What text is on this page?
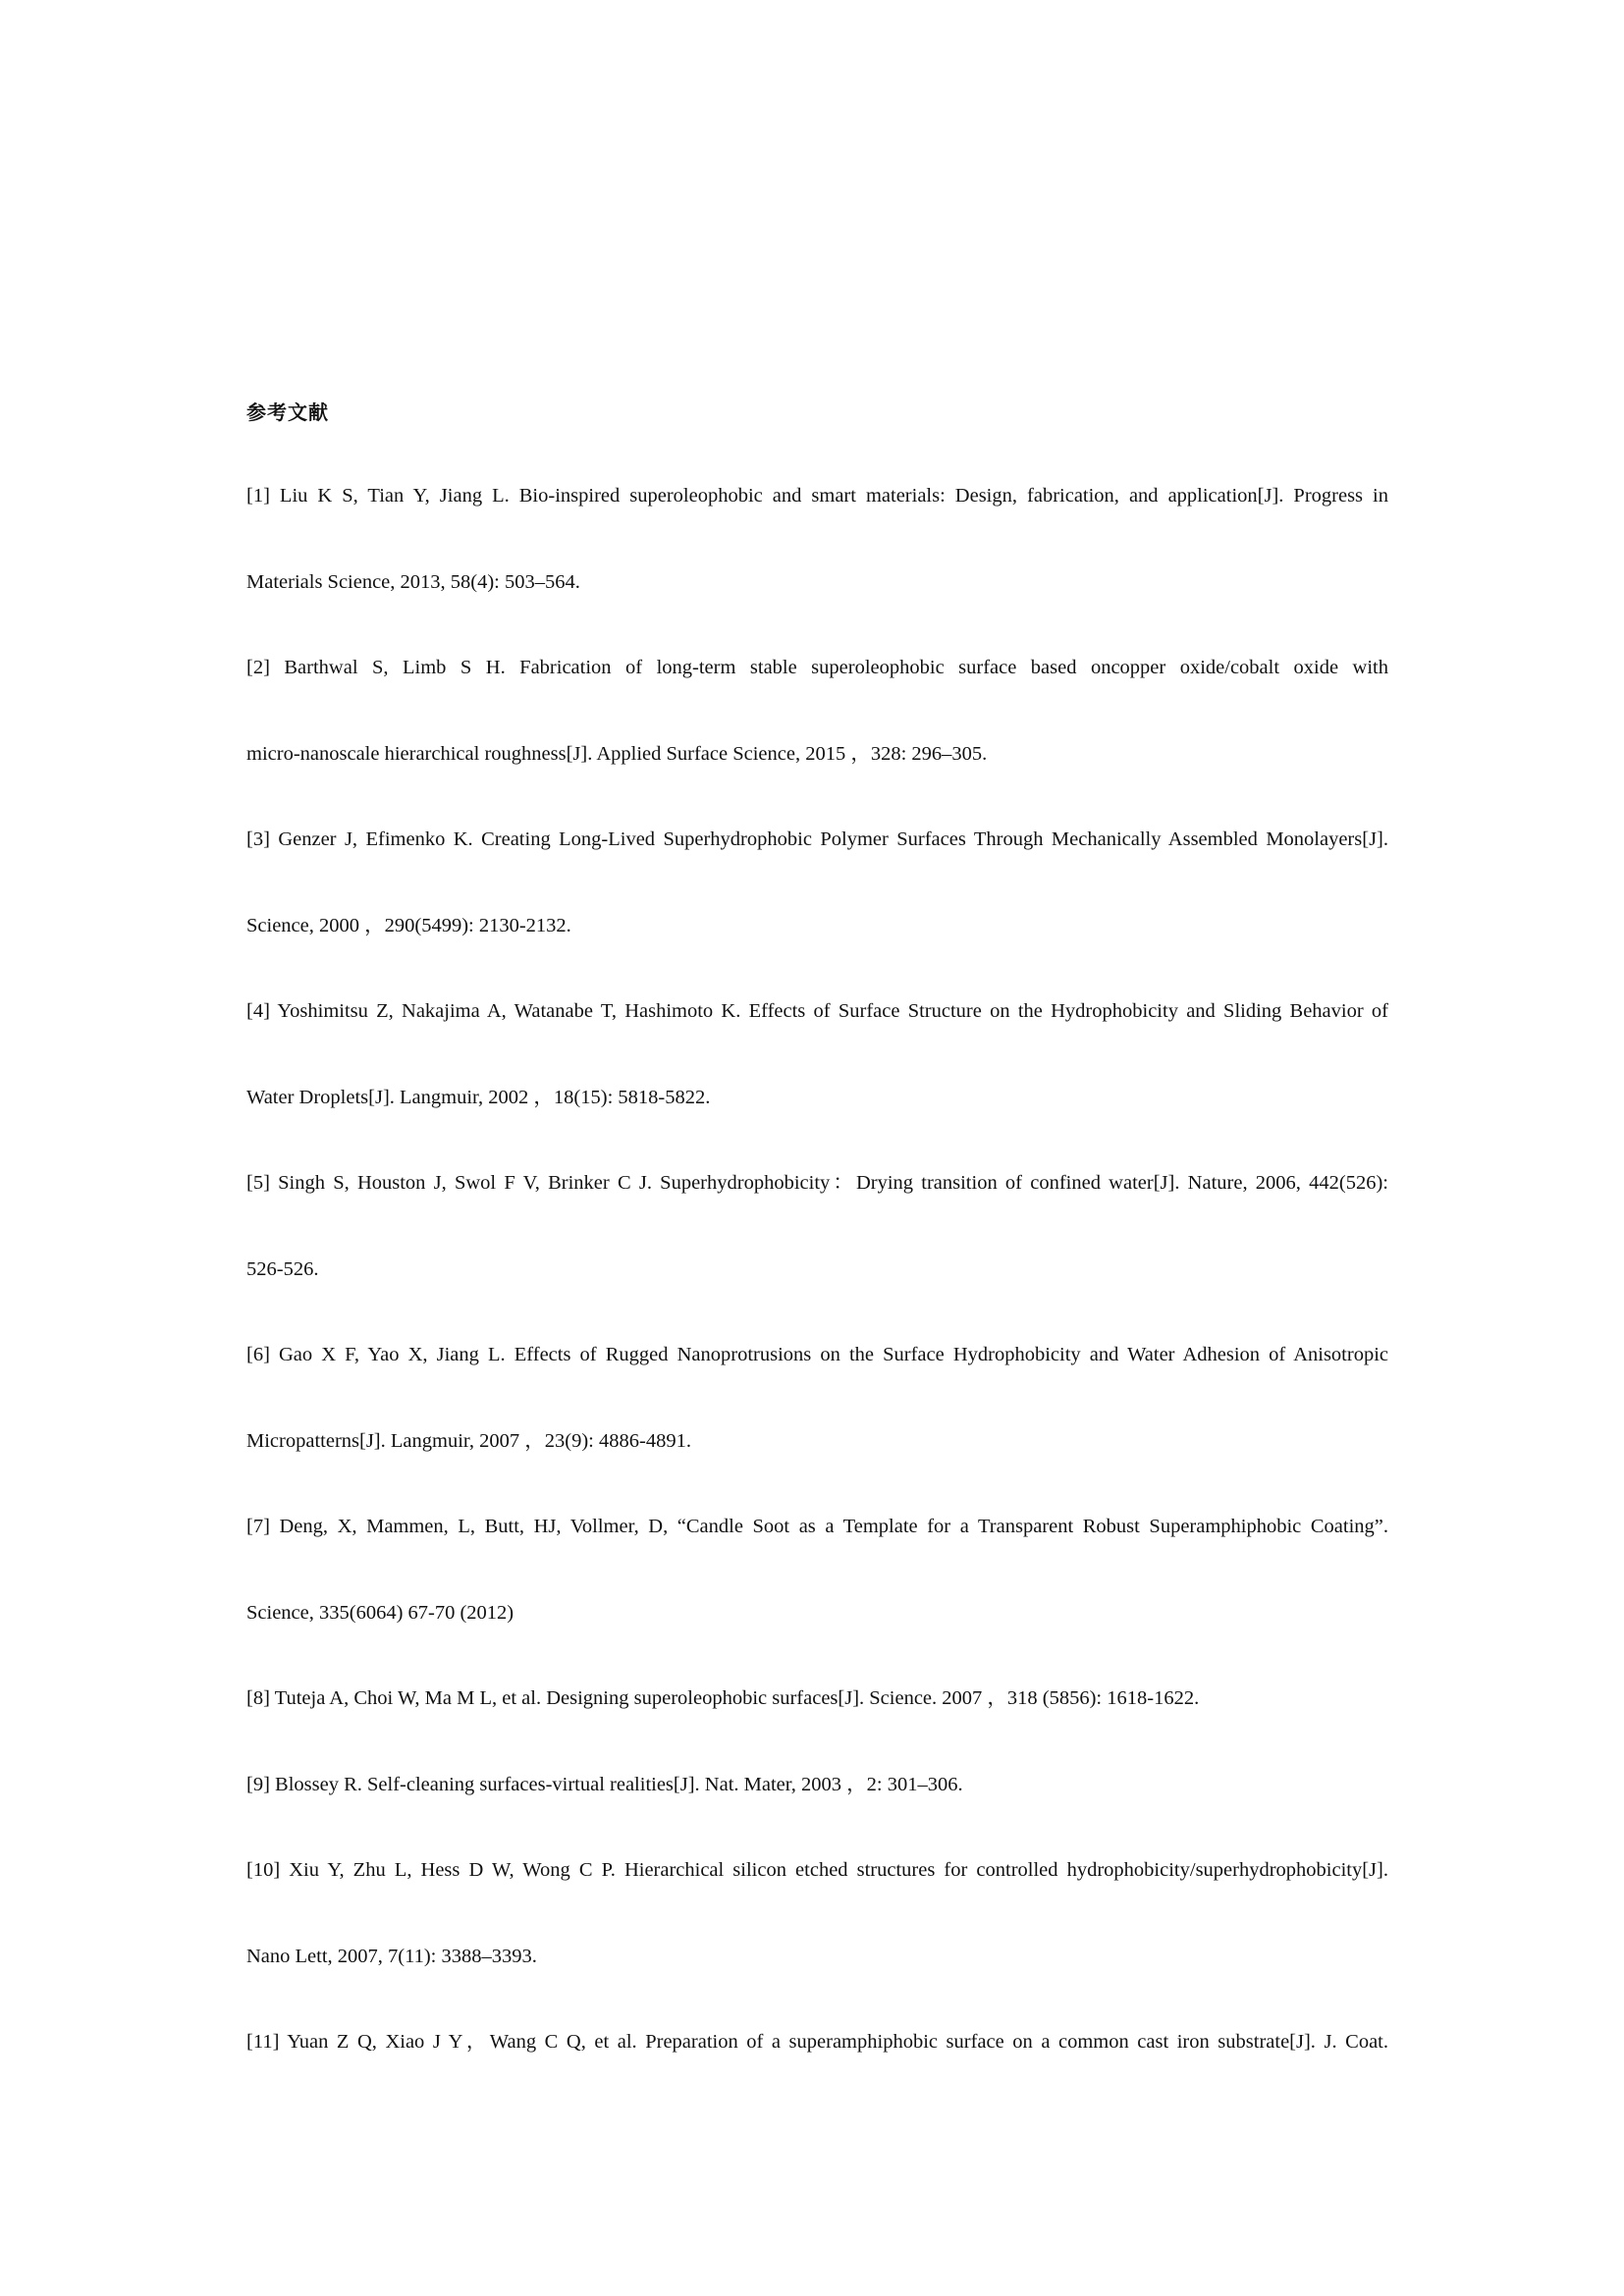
参考文献
[1] Liu K S, Tian Y, Jiang L. Bio-inspired superoleophobic and smart materials: Design, fabrication, and application[J]. Progress in
Materials Science, 2013, 58(4): 503–564.
[2] Barthwal S, Limb S H. Fabrication of long-term stable superoleophobic surface based oncopper oxide/cobalt oxide with
micro-nanoscale hierarchical roughness[J]. Applied Surface Science, 2015 ，328: 296–305.
[3] Genzer J, Efimenko K. Creating Long-Lived Superhydrophobic Polymer Surfaces Through Mechanically Assembled Monolayers[J].
Science, 2000 ，290(5499): 2130-2132.
[4] Yoshimitsu Z, Nakajima A, Watanabe T, Hashimoto K. Effects of Surface Structure on the Hydrophobicity and Sliding Behavior of
Water Droplets[J]. Langmuir, 2002 ，18(15): 5818-5822.
[5] Singh S, Houston J, Swol F V, Brinker C J. Superhydrophobicity：Drying transition of confined water[J]. Nature, 2006, 442(526):
526-526.
[6] Gao X F, Yao X, Jiang L. Effects of Rugged Nanoprotrusions on the Surface Hydrophobicity and Water Adhesion of Anisotropic
Micropatterns[J]. Langmuir, 2007 ，23(9): 4886-4891.
[7] Deng, X, Mammen, L, Butt, HJ, Vollmer, D, “Candle Soot as a Template for a Transparent Robust Superamphiphobic Coating”.
Science, 335(6064) 67-70 (2012)
[8] Tuteja A, Choi W, Ma M L, et al. Designing superoleophobic surfaces[J]. Science. 2007 ，318 (5856): 1618-1622.
[9] Blossey R. Self-cleaning surfaces-virtual realities[J]. Nat. Mater, 2003 ，2: 301–306.
[10] Xiu Y, Zhu L, Hess D W, Wong C P. Hierarchical silicon etched structures for controlled hydrophobicity/superhydrophobicity[J].
Nano Lett, 2007, 7(11): 3388–3393.
[11] Yuan Z Q, Xiao J Y，Wang C Q, et al. Preparation of a superamphiphobic surface on a common cast iron substrate[J]. J. Coat.
